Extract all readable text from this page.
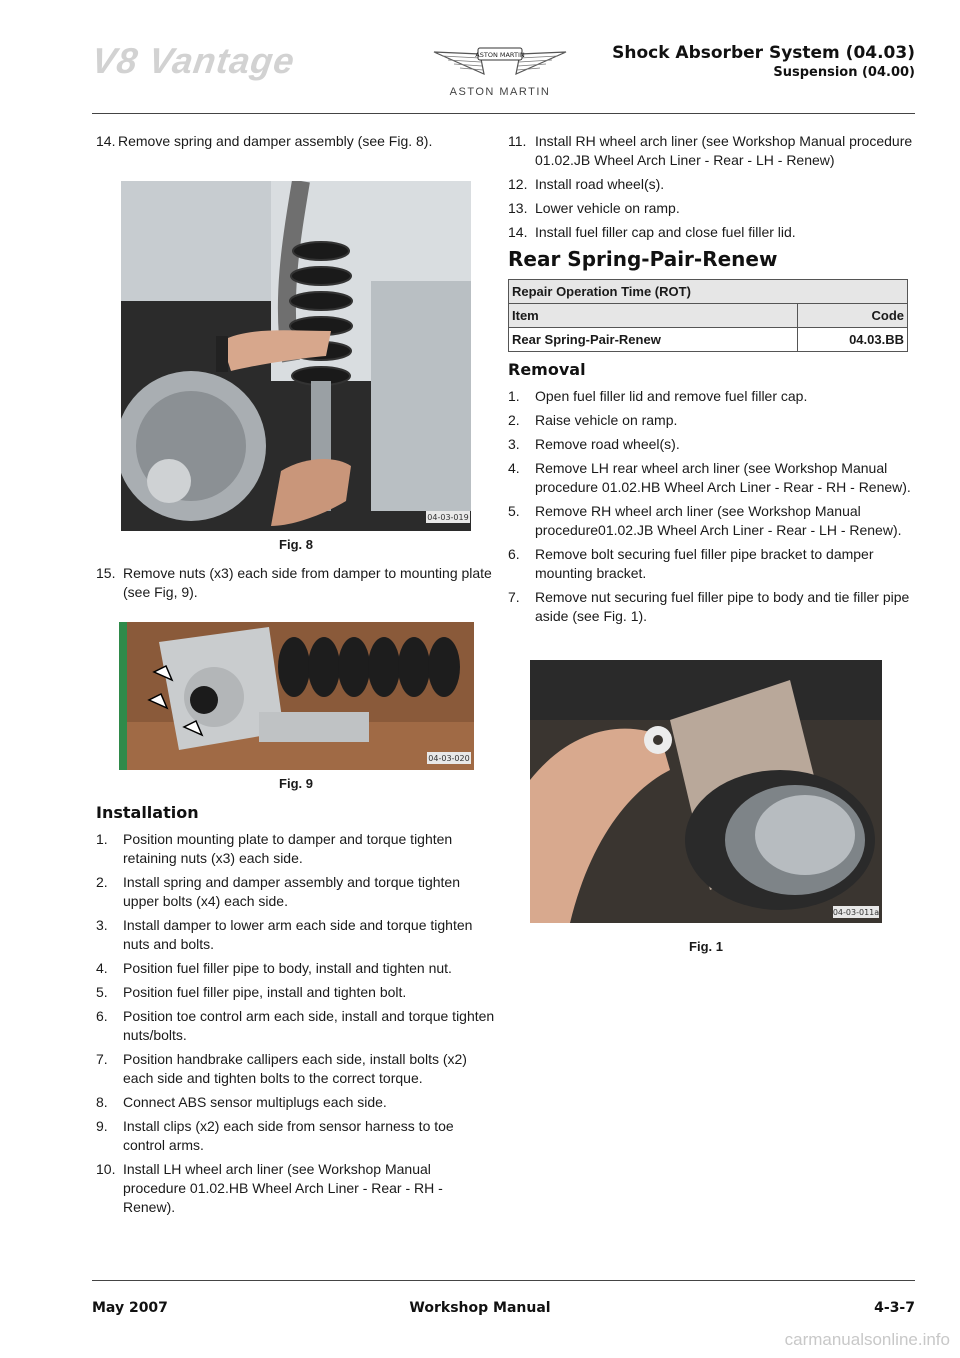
V8 Vantage	ASTON MARTIN
ASTON MARTIN
Shock Absorber System (04.03)
Suspension (04.00)
14. Remove spring and damper assembly (see Fig. 8).
04-03-019
Fig. 8
15. Remove nuts (x3) each side from damper to mounting plate (see Fig, 9).
04-03-020
Fig. 9
Installation
1. Position mounting plate to damper and torque tighten retaining nuts (x3) each side.
2. Install spring and damper assembly and torque tighten upper bolts (x4) each side.
3. Install damper to lower arm each side and torque tighten nuts and bolts.
4. Position fuel filler pipe to body, install and tighten nut.
5. Position fuel filler pipe, install and tighten bolt.
6. Position toe control arm each side, install and torque tighten nuts/bolts.
7. Position handbrake callipers each side, install bolts (x2) each side and tighten bolts to the correct torque.
8. Connect ABS sensor multiplugs each side.
9. Install clips (x2) each side from sensor harness to toe control arms.
10. Install LH wheel arch liner (see Workshop Manual procedure 01.02.HB Wheel Arch Liner - Rear - RH - Renew).
11. Install RH wheel arch liner (see Workshop Manual procedure 01.02.JB Wheel Arch Liner - Rear - LH - Renew)
12. Install road wheel(s).
13. Lower vehicle on ramp.
14. Install fuel filler cap and close fuel filler lid.
Rear Spring-Pair-Renew
Repair Operation Time (ROT)	
Item	Code
Rear Spring-Pair-Renew	04.03.BB
Removal
1. Open fuel filler lid and remove fuel filler cap.
2. Raise vehicle on ramp.
3. Remove road wheel(s).
4. Remove LH rear wheel arch liner (see Workshop Manual procedure 01.02.HB Wheel Arch Liner - Rear - RH - Renew).
5. Remove RH wheel arch liner (see Workshop Manual procedure01.02.JB Wheel Arch Liner - Rear - LH - Renew).
6. Remove bolt securing fuel filler pipe bracket to damper mounting bracket.
7. Remove nut securing fuel filler pipe to body and tie filler pipe aside (see Fig. 1).
04-03-011a
Fig. 1
May 2007	Workshop Manual	4-3-7
carmanualsonline.info
